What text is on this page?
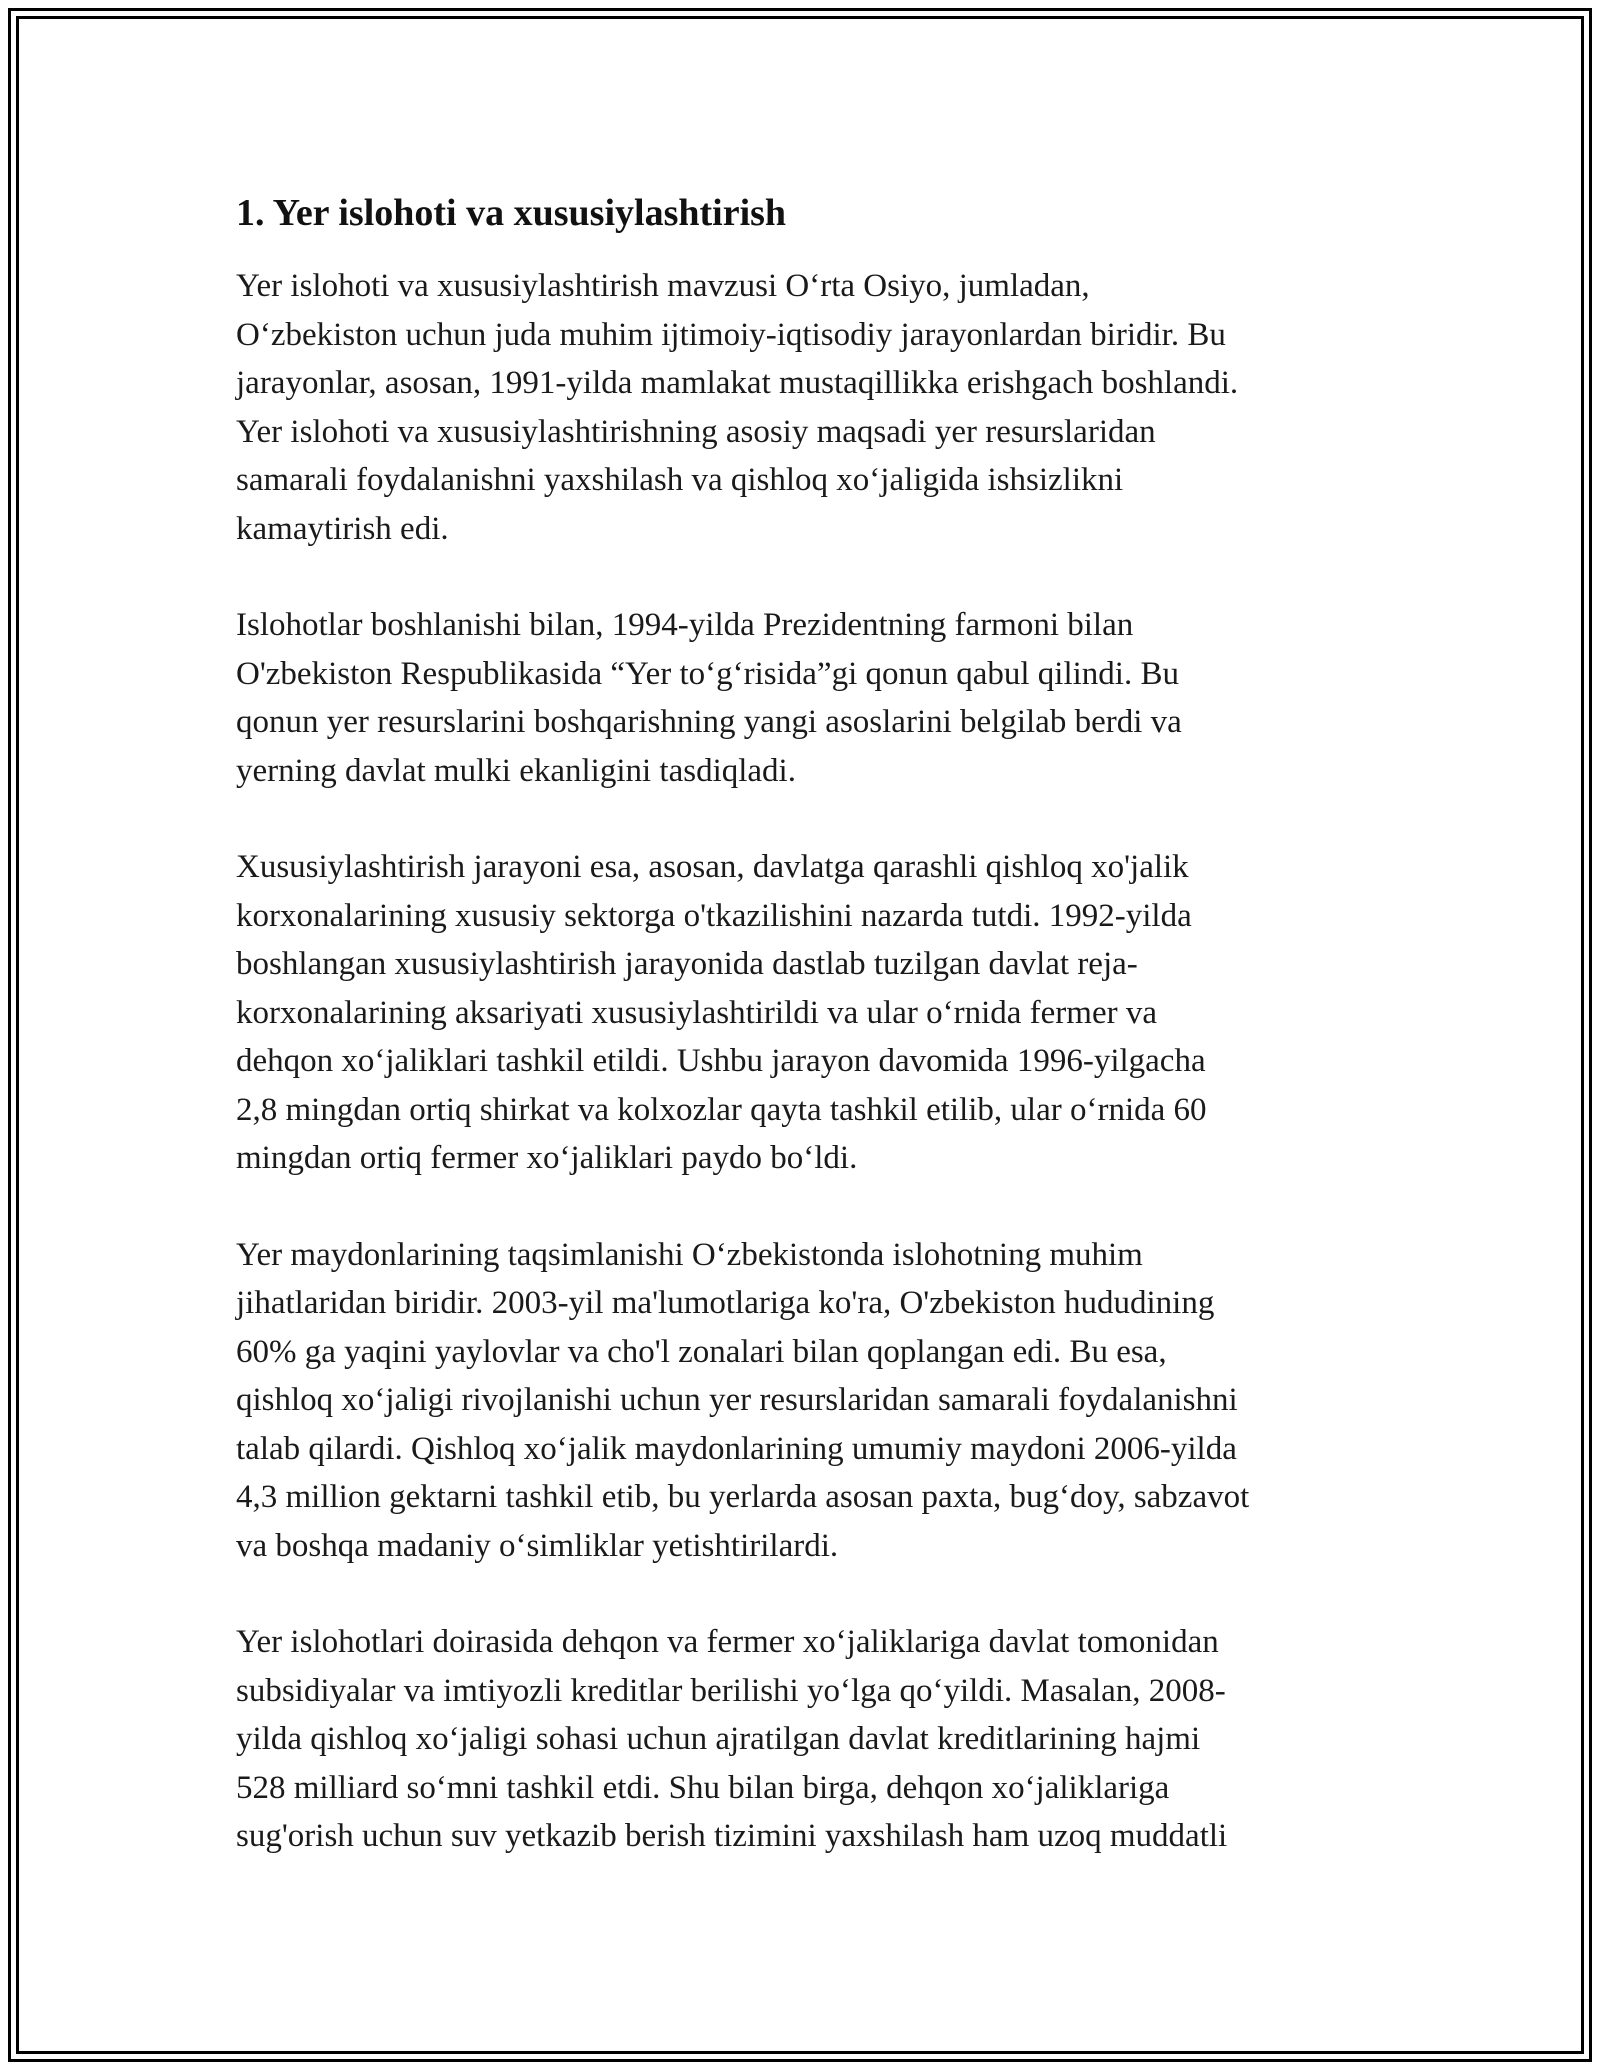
1. Yer islohoti va xususiylashtirish

Yer islohoti va xususiylashtirish mavzusi O‘rta Osiyo, jumladan,
O‘zbekiston uchun juda muhim ijtimoiy-iqtisodiy jarayonlardan biridir. Bu
jarayonlar, asosan, 1991-yilda mamlakat mustaqillikka erishgach boshlandi.
Yer islohoti va xususiylashtirishning asosiy maqsadi yer resurslaridan
samarali foydalanishni yaxshilash va qishloq xo‘jaligida ishsizlikni
kamaytirish edi.

Islohotlar boshlanishi bilan, 1994-yilda Prezidentning farmoni bilan
O'zbekiston Respublikasida “Yer to‘g‘risida”gi qonun qabul qilindi. Bu
qonun yer resurslarini boshqarishning yangi asoslarini belgilab berdi va
yerning davlat mulki ekanligini tasdiqladi.

Xususiylashtirish jarayoni esa, asosan, davlatga qarashli qishloq xo'jalik
korxonalarining xususiy sektorga o'tkazilishini nazarda tutdi. 1992-yilda
boshlangan xususiylashtirish jarayonida dastlab tuzilgan davlat reja-
korxonalarining aksariyati xususiylashtirildi va ular o‘rnida fermer va
dehqon xo‘jaliklari tashkil etildi. Ushbu jarayon davomida 1996-yilgacha
2,8 mingdan ortiq shirkat va kolxozlar qayta tashkil etilib, ular o‘rnida 60
mingdan ortiq fermer xo‘jaliklari paydo bo‘ldi.

Yer maydonlarining taqsimlanishi O‘zbekistonda islohotning muhim
jihatlaridan biridir. 2003-yil ma'lumotlariga ko'ra, O'zbekiston hududining
60% ga yaqini yaylovlar va cho'l zonalari bilan qoplangan edi. Bu esa,
qishloq xo‘jaligi rivojlanishi uchun yer resurslaridan samarali foydalanishni
talab qilardi. Qishloq xo‘jalik maydonlarining umumiy maydoni 2006-yilda
4,3 million gektarni tashkil etib, bu yerlarda asosan paxta, bug‘doy, sabzavot
va boshqa madaniy o‘simliklar yetishtirilardi.

Yer islohotlari doirasida dehqon va fermer xo‘jaliklariga davlat tomonidan
subsidiyalar va imtiyozli kreditlar berilishi yo‘lga qo‘yildi. Masalan, 2008-
yilda qishloq xo‘jaligi sohasi uchun ajratilgan davlat kreditlarining hajmi
528 milliard so‘mni tashkil etdi. Shu bilan birga, dehqon xo‘jaliklariga
sug'orish uchun suv yetkazib berish tizimini yaxshilash ham uzoq muddatli
